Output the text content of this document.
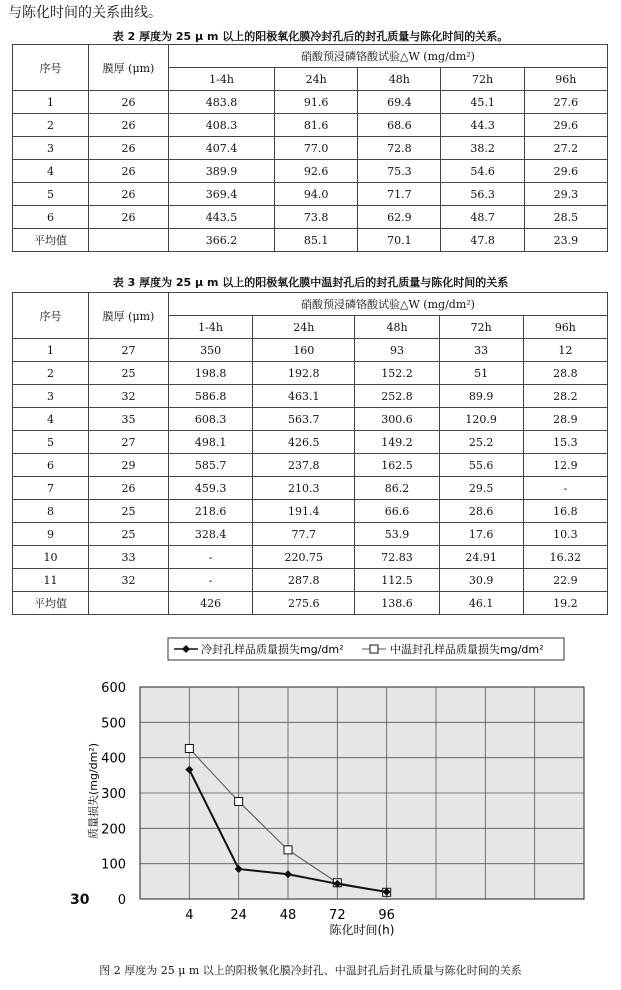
与陈化时间的关系曲线。
表 2 厚度为 25 μ m 以上的阳极氧化膜冷封孔后的封孔质量与陈化时间的关系。
序号	膜厚 (μm)	硝酸预浸磷铬酸试验△W (mg/dm²)				
		1-4h	24h	48h	72h	96h
1	26	483.8	91.6	69.4	45.1	27.6
2	26	408.3	81.6	68.6	44.3	29.6
3	26	407.4	77.0	72.8	38.2	27.2
4	26	389.9	92.6	75.3	54.6	29.6
5	26	369.4	94.0	71.7	56.3	29.3
6	26	443.5	73.8	62.9	48.7	28.5
平均值		366.2	85.1	70.1	47.8	23.9
表 3 厚度为 25 μ m 以上的阳极氧化膜中温封孔后的封孔质量与陈化时间的关系
序号	膜厚 (μm)	硝酸预浸磷铬酸试验△W (mg/dm²)				
		1-4h	24h	48h	72h	96h
1	27	350	160	93	33	12
2	25	198.8	192.8	152.2	51	28.8
3	32	586.8	463.1	252.8	89.9	28.2
4	35	608.3	563.7	300.6	120.9	28.9
5	27	498.1	426.5	149.2	25.2	15.3
6	29	585.7	237.8	162.5	55.6	12.9
7	26	459.3	210.3	86.2	29.5	-
8	25	218.6	191.4	66.6	28.6	16.8
9	25	328.4	77.7	53.9	17.6	10.3
10	33	-	220.75	72.83	24.91	16.32
11	32	-	287.8	112.5	30.9	22.9
平均值		426	275.6	138.6	46.1	19.2
冷封孔样品质量损失mg/dm²	中温封孔样品质量损失mg/dm²
0
100
200
300
400
500
600
4	24	48	72	96
质量损失(mg/dm²)
陈化时间(h)
30
图 2 厚度为 25 μ m 以上的阳极氧化膜冷封孔、中温封孔后封孔质量与陈化时间的关系
